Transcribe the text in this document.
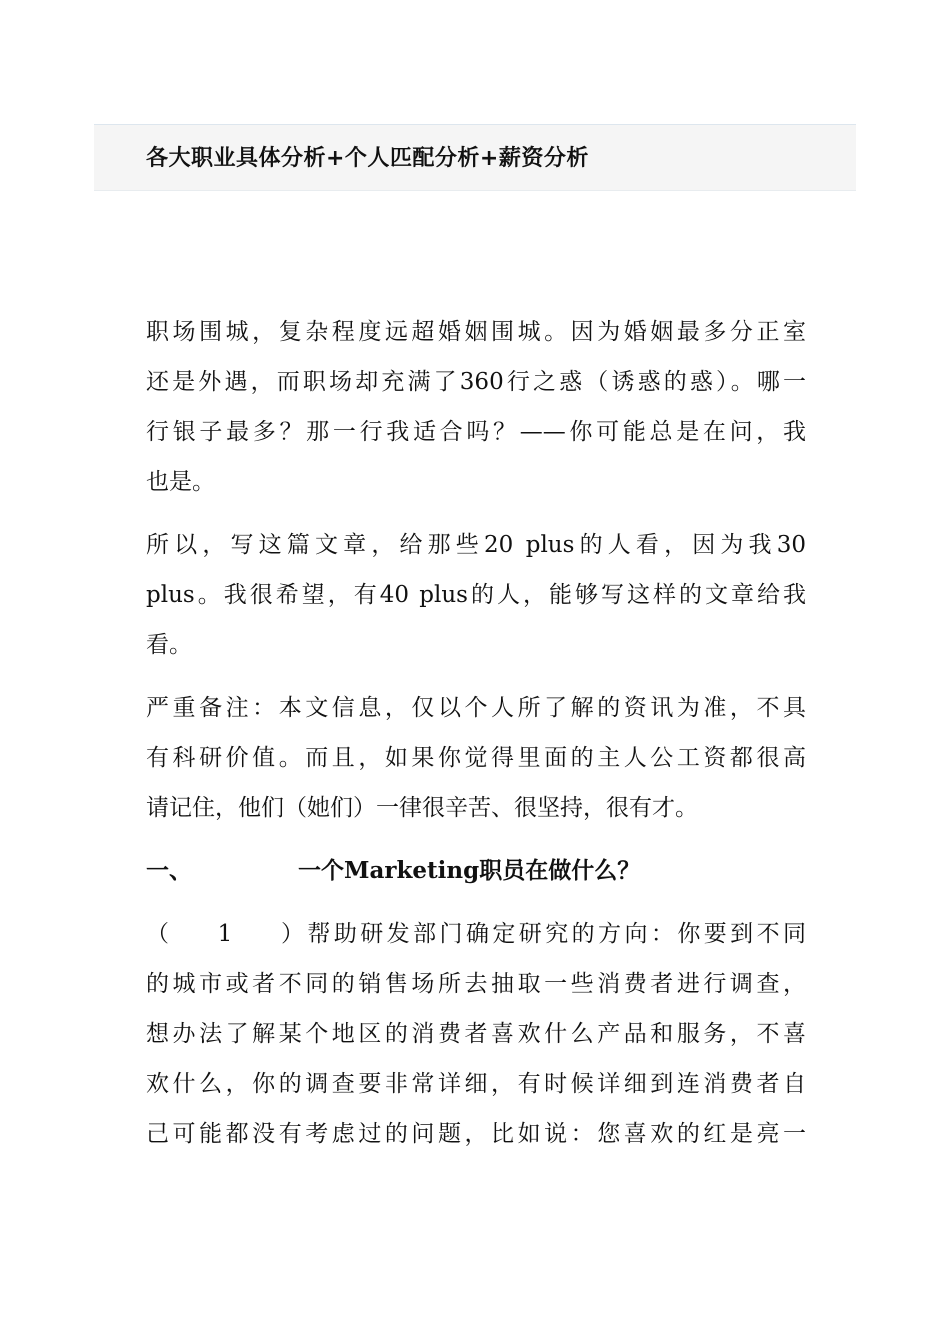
各大职业具体分析+个人匹配分析+薪资分析

职场围城，复杂程度远超婚姻围城。因为婚姻最多分正室
还是外遇，而职场却充满了360行之惑（诱惑的惑）。哪一
行银子最多？那一行我适合吗？——你可能总是在问，我
也是。

所以，写这篇文章，给那些20 plus的人看，因为我30
plus。我很希望，有40 plus的人，能够写这样的文章给我
看。

严重备注：本文信息，仅以个人所了解的资讯为准，不具
有科研价值。而且，如果你觉得里面的主人公工资都很高
请记住，他们（她们）一律很辛苦、很坚持，很有才。

一、	一个Marketing职员在做什么？

（1）帮助研发部门确定研究的方向：你要到不同
的城市或者不同的销售场所去抽取一些消费者进行调查，
想办法了解某个地区的消费者喜欢什么产品和服务，不喜
欢什么，你的调查要非常详细，有时候详细到连消费者自
己可能都没有考虑过的问题，比如说：您喜欢的红是亮一
